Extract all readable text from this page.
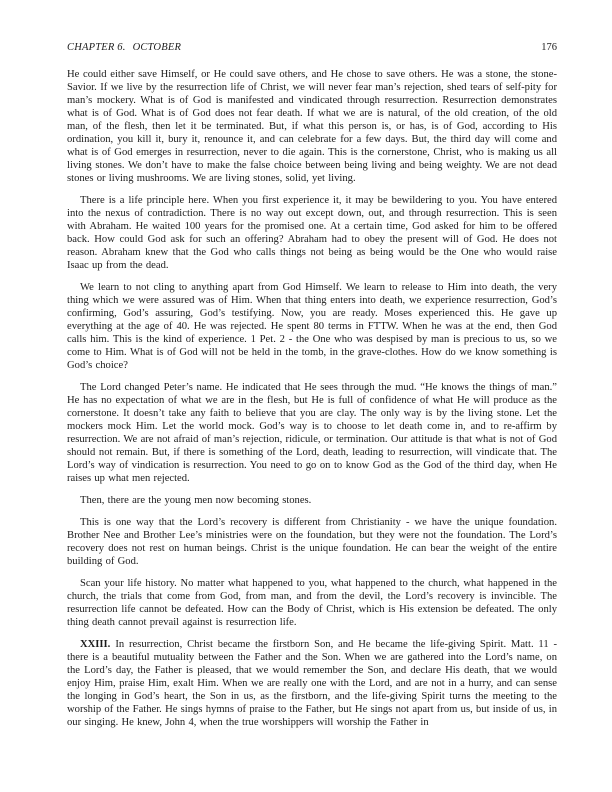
CHAPTER 6. OCTOBER	176

He could either save Himself, or He could save others, and He chose to save others. He was a stone, the stone-Savior. If we live by the resurrection life of Christ, we will never fear man’s rejection, shed tears of self-pity for man’s mockery. What is of God is manifested and vindicated through resurrection. Resurrection demonstrates what is of God. What is of God does not fear death. If what we are is natural, of the old creation, of the old man, of the flesh, then let it be terminated. But, if what this person is, or has, is of God, according to His ordination, you kill it, bury it, renounce it, and can celebrate for a few days. But, the third day will come and what is of God emerges in resurrection, never to die again. This is the cornerstone, Christ, who is making us all living stones. We don’t have to make the false choice between being living and being weighty. We are not dead stones or living mushrooms. We are living stones, solid, yet living.

There is a life principle here. When you first experience it, it may be bewildering to you. You have entered into the nexus of contradiction. There is no way out except down, out, and through resurrection. This is seen with Abraham. He waited 100 years for the promised one. At a certain time, God asked for him to be offered back. How could God ask for such an offering? Abraham had to obey the present will of God. He does not reason. Abraham knew that the God who calls things not being as being would be the One who would raise Isaac up from the dead.

We learn to not cling to anything apart from God Himself. We learn to release to Him into death, the very thing which we were assured was of Him. When that thing enters into death, we experience resurrection, God’s confirming, God’s assuring, God’s testifying. Now, you are ready. Moses experienced this. He gave up everything at the age of 40. He was rejected. He spent 80 terms in FTTW. When he was at the end, then God calls him. This is the kind of experience. 1 Pet. 2 - the One who was despised by man is precious to us, so we come to Him. What is of God will not be held in the tomb, in the grave-clothes. How do we know something is God’s choice?

The Lord changed Peter’s name. He indicated that He sees through the mud. “He knows the things of man.” He has no expectation of what we are in the flesh, but He is full of confidence of what He will produce as the cornerstone. It doesn’t take any faith to believe that you are clay. The only way is by the living stone. Let the mockers mock Him. Let the world mock. God’s way is to choose to let death come in, and to re-affirm by resurrection. We are not afraid of man’s rejection, ridicule, or termination. Our attitude is that what is not of God should not remain. But, if there is something of the Lord, death, leading to resurrection, will vindicate that. The Lord’s way of vindication is resurrection. You need to go on to know God as the God of the third day, when He raises up what men rejected.

Then, there are the young men now becoming stones.

This is one way that the Lord’s recovery is different from Christianity - we have the unique foundation. Brother Nee and Brother Lee’s ministries were on the foundation, but they were not the foundation. The Lord’s recovery does not rest on human beings. Christ is the unique foundation. He can bear the weight of the entire building of God.

Scan your life history. No matter what happened to you, what happened to the church, what happened in the church, the trials that come from God, from man, and from the devil, the Lord’s recovery is invincible. The resurrection life cannot be defeated. How can the Body of Christ, which is His extension be defeated. The only thing death cannot prevail against is resurrection life.

XXIII. In resurrection, Christ became the firstborn Son, and He became the life-giving Spirit. Matt. 11 - there is a beautiful mutuality between the Father and the Son. When we are gathered into the Lord’s name, on the Lord’s day, the Father is pleased, that we would remember the Son, and declare His death, that we would enjoy Him, praise Him, exalt Him. When we are really one with the Lord, and are not in a hurry, and can sense the longing in God’s heart, the Son in us, as the firstborn, and the life-giving Spirit turns the meeting to the worship of the Father. He sings hymns of praise to the Father, but He sings not apart from us, but inside of us, in our singing. He knew, John 4, when the true worshippers will worship the Father in
